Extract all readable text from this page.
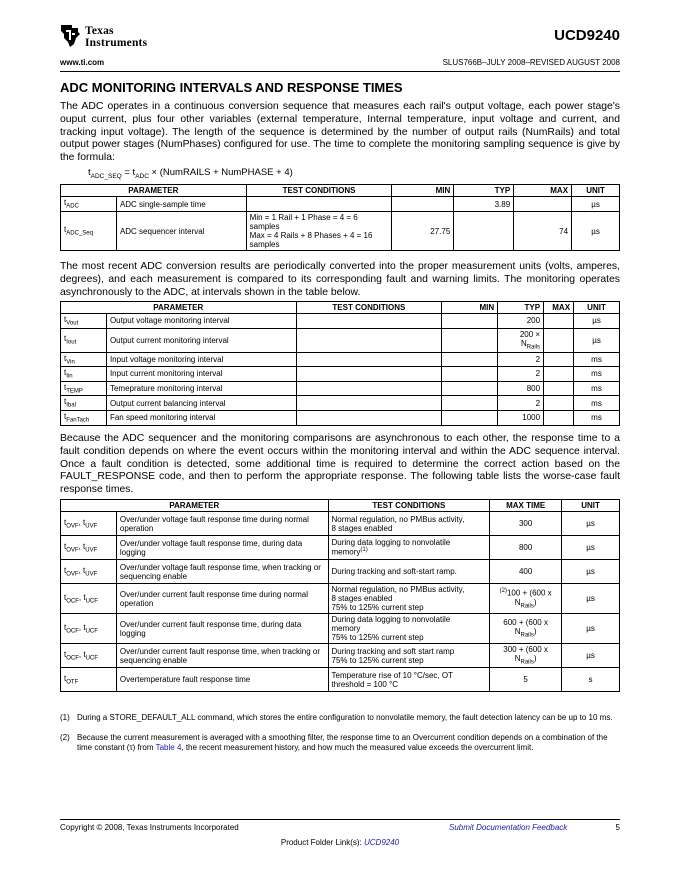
Texas
Instruments	UCD9240
www.ti.com	SLUS766B–JULY 2008–REVISED AUGUST 2008
ADC MONITORING INTERVALS AND RESPONSE TIMES

The ADC operates in a continuous conversion sequence that measures each rail's output voltage, each power stage's ouput current, plus four other variables (external temperature, Internal temperature, input voltage and current, and tracking input voltage). The length of the sequence is determined by the number of output rails (NumRails) and total output power stages (NumPhases) configured for use. The time to complete the monitoring sampling sequence is give by the formula:

$t_{ADC\_SEQ} = t_{ADC}$ × (NumRAILS + NumPHASE + 4)
PARAMETER		TEST CONDITIONS	MIN	TYP	MAX	UNIT
$t_{ADC}$	ADC single-sample time			3.89		µs
$t_{ADC\_Seq}$	ADC sequencer interval	Min = 1 Rail + 1 Phase = 4 = 6 samples
Max = 4 Rails + 8 Phases + 4 = 16 samples	27.75		74	µs

The most recent ADC conversion results are periodically converted into the proper measurement units (volts, amperes, degrees), and each measurement is compared to its corresponding fault and warning limits. The monitoring operates asynchronously to the ADC, at intervals shown in the table below.

PARAMETER		TEST CONDITIONS	MIN	TYP	MAX	UNIT
$t_{Vout}$	Output voltage monitoring interval			200		µs
$t_{Iout}$	Output current monitoring interval			$200 \times N_{Rails}$		µs
$t_{Vin}$	Input voltage monitoring interval			2		ms
$t_{Iin}$	Input current monitoring interval			2		ms
$t_{TEMP}$	Temeprature monitoring interval			800		ms
$t_{Ibal}$	Output current balancing interval			2		ms
$t_{FanTach}$	Fan speed monitoring interval			1000		ms

Because the ADC sequencer and the monitoring comparisons are asynchronous to each other, the response time to a fault condition depends on where the event occurs within the monitoring interval and within the ADC sequence interval. Once a fault condition is detected, some additional time is required to determine the correct action based on the FAULT_RESPONSE code, and then to perform the appropriate response. The following table lists the worse-case fault response times.

PARAMETER		TEST CONDITIONS	MAX TIME	UNIT
$t_{OVF}$, $t_{UVF}$	Over/under voltage fault response time during normal operation	Normal regulation, no PMBus activity,
8 stages enabled	300	µs
$t_{OVF}$, $t_{UVF}$	Over/under voltage fault response time, during data logging	During data logging to nonvolatile
memory$^{(1)}$	800	µs
$t_{OVF}$, $t_{UVF}$	Over/under voltage fault response time, when tracking or sequencing enable	During tracking and soft-start ramp.	400	µs
$t_{OCF}$, $t_{UCF}$	Over/under current fault response time during normal operation	Normal regulation, no PMBus activity,
8 stages enabled
75% to 125% current step	$^{(2)}$100 + (600 x $N_{Rails}$)	µs
$t_{OCF}$, $t_{UCF}$	Over/under current fault response time, during data logging	During data logging to nonvolatile
memory
75% to 125% current step	600 + (600 x $N_{Rails}$)	µs
$t_{OCF}$, $t_{UCF}$	Over/under current fault response time, when tracking or sequencing enable	During tracking and soft start ramp
75% to 125% current step	300 + (600 x $N_{Rails}$)	µs
$t_{OTF}$	Overtemperature fault response time	Temperature rise of 10 °C/sec, OT
threshold = 100 °C	5	s
(1) During a STORE_DEFAULT_ALL command, which stores the entire configuration to nonvolatile memory, the fault detection latency can be up to 10 ms.
(2) Because the current measurement is averaged with a smoothing filter, the response time to an Overcurrent condition depends on a combination of the time constant (τ) from Table 4, the recent measurement history, and how much the measured value exceeds the overcurrent limit.
Copyright © 2008, Texas Instruments Incorporated	Submit Documentation Feedback	5
Product Folder Link(s): UCD9240
